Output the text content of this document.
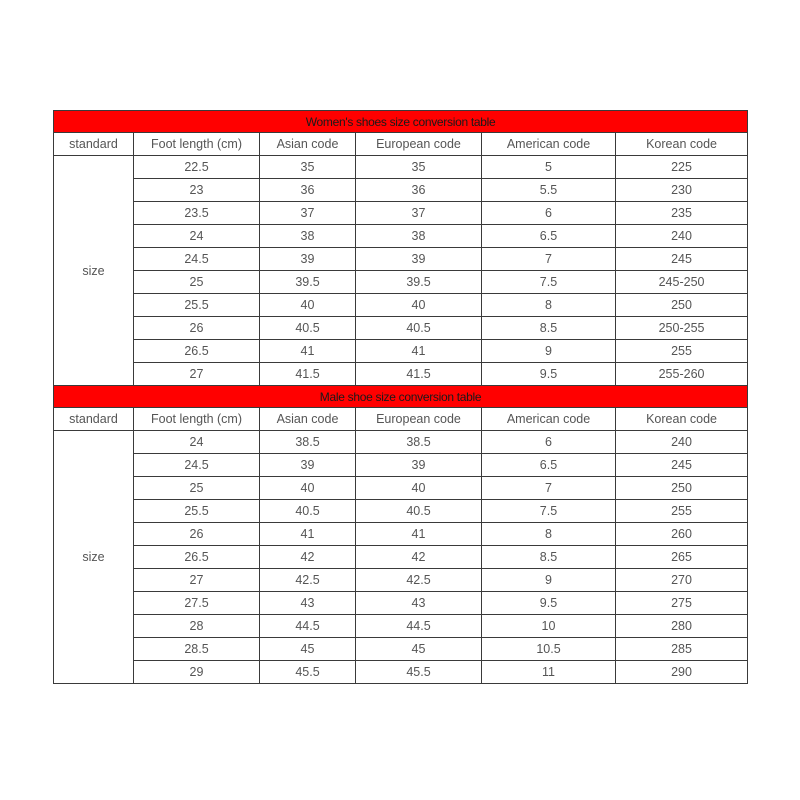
Women's shoes size conversion table					
standard	Foot length (cm)	Asian code	European code	American code	Korean code
size	22.5	35	35	5	225
	23	36	36	5.5	230
	23.5	37	37	6	235
	24	38	38	6.5	240
	24.5	39	39	7	245
	25	39.5	39.5	7.5	245-250
	25.5	40	40	8	250
	26	40.5	40.5	8.5	250-255
	26.5	41	41	9	255
	27	41.5	41.5	9.5	255-260
Male shoe size conversion table					
standard	Foot length (cm)	Asian code	European code	American code	Korean code
size	24	38.5	38.5	6	240
	24.5	39	39	6.5	245
	25	40	40	7	250
	25.5	40.5	40.5	7.5	255
	26	41	41	8	260
	26.5	42	42	8.5	265
	27	42.5	42.5	9	270
	27.5	43	43	9.5	275
	28	44.5	44.5	10	280
	28.5	45	45	10.5	285
	29	45.5	45.5	11	290
